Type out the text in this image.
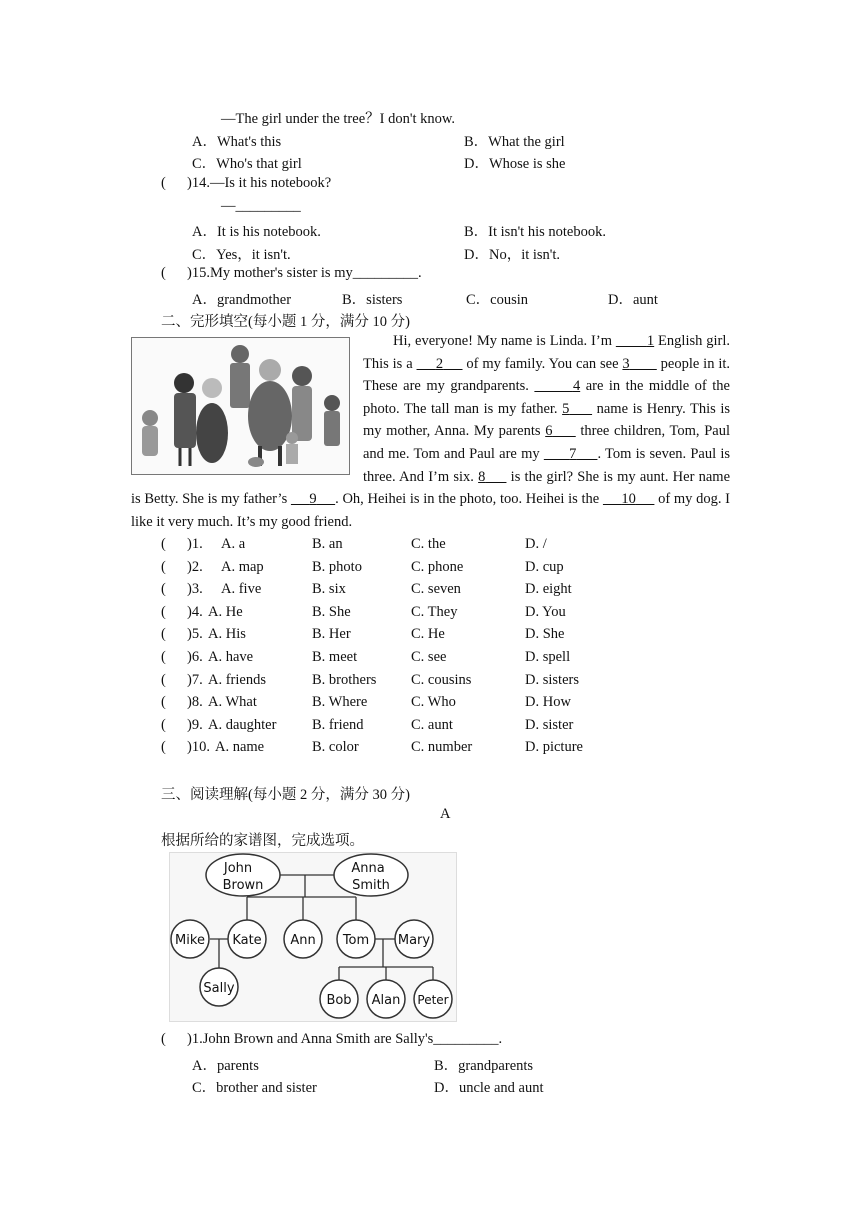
—The girl under the tree？I don't know.
A．What's this	B．What the girl
C．Who's that girl	D．Whose is she
( )14.—Is it his notebook?
—_________
A．It is his notebook.	B．It isn't his notebook.
C．Yes，it isn't.	D．No，it isn't.
( )15.My mother's sister is my_________.
A．grandmother	B．sisters	C．cousin	D．aunt
二、完形填空(每小题 1 分，满分 10 分)

Hi, everyone! My name is Linda. I’m         1 English girl. This is a      2      of my family. You can see 3        people in it. These are my grandparents.	4 are in the middle of the photo. The tall man is my father. 5      name is Henry. This is my mother, Anna. My parents 6      three children, Tom, Paul and me. Tom and Paul are my       7 . Tom is seven. Paul is three. And I’m six. 8      is the girl? She is my aunt. Her name is Betty. She is my father’s      9 . Oh, Heihei is in the photo, too. Heihei is the      10      of my dog. I like it very much. It’s my good friend.

( )1. A. a	B. an	C. the	D. /
( )2. A. map	B. photo	C. phone	D. cup
( )3. A. five	B. six	C. seven	D. eight
( )4. A. He	B. She	C. They	D. You
( )5. A. His	B. Her	C. He	D. She
( )6. A. have	B. meet	C. see	D. spell
( )7. A. friends	B. brothers C. cousins	D. sisters
( )8. A. What	B. Where	C. Who	D. How
( )9. A. daughter B. friend	C. aunt	D. sister
( )10. A. name	B. color	C. number	D. picture
三、阅读理解(每小题 2 分，满分 30 分)
A
根据所给的家谱图，完成选项。
John
Brown
Anna
Smith
Mike Kate Ann Tom Mary
Sally
Bob Alan Peter
( )1.John Brown and Anna Smith are Sally's_________.
A．parents	B．grandparents
C．brother and sister	D．uncle and aunt
